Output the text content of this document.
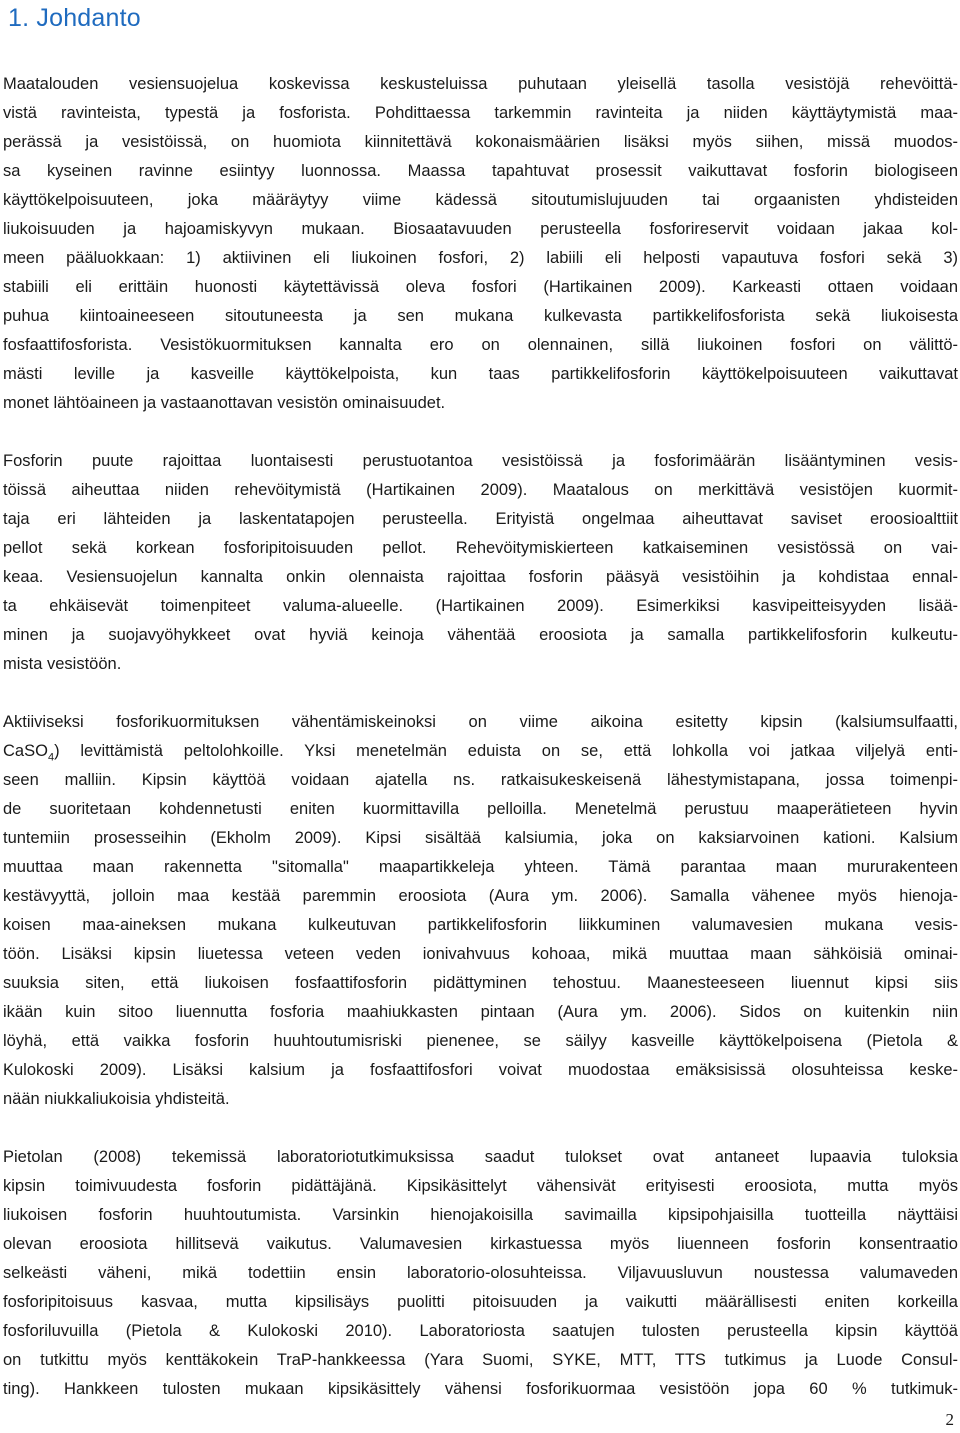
1. Johdanto

Maatalouden vesiensuojelua koskevissa keskusteluissa puhutaan yleisellä tasolla vesistöjä rehevöittä-
vistä ravinteista, typestä ja fosforista. Pohdittaessa tarkemmin ravinteita ja niiden käyttäytymistä maa-
perässä ja vesistöissä, on huomiota kiinnitettävä kokonaismäärien lisäksi myös siihen, missä muodos-
sa kyseinen ravinne esiintyy luonnossa. Maassa tapahtuvat prosessit vaikuttavat fosforin biologiseen
käyttökelpoisuuteen, joka määräytyy viime kädessä sitoutumislujuuden tai orgaanisten yhdisteiden
liukoisuuden ja hajoamiskyvyn mukaan. Biosaatavuuden perusteella fosforireservit voidaan jakaa kol-
meen pääluokkaan: 1) aktiivinen eli liukoinen fosfori, 2) labiili eli helposti vapautuva fosfori sekä 3)
stabiili eli erittäin huonosti käytettävissä oleva fosfori (Hartikainen 2009). Karkeasti ottaen voidaan
puhua kiintoaineeseen sitoutuneesta ja sen mukana kulkevasta partikkelifosforista sekä liukoisesta
fosfaattifosforista. Vesistökuormituksen kannalta ero on olennainen, sillä liukoinen fosfori on välittö-
mästi leville ja kasveille käyttökelpoista, kun taas partikkelifosforin käyttökelpoisuuteen vaikuttavat
monet lähtöaineen ja vastaanottavan vesistön ominaisuudet.

Fosforin puute rajoittaa luontaisesti perustuotantoa vesistöissä ja fosforimäärän lisääntyminen vesis-
töissä aiheuttaa niiden rehevöitymistä (Hartikainen 2009). Maatalous on merkittävä vesistöjen kuormit-
taja eri lähteiden ja laskentatapojen perusteella. Erityistä ongelmaa aiheuttavat saviset eroosioalttiit
pellot sekä korkean fosforipitoisuuden pellot. Rehevöitymiskierteen katkaiseminen vesistössä on vai-
keaa. Vesiensuojelun kannalta onkin olennaista rajoittaa fosforin pääsyä vesistöihin ja kohdistaa ennal-
ta ehkäisevät toimenpiteet valuma-alueelle. (Hartikainen 2009). Esimerkiksi kasvipeitteisyyden lisää-
minen ja suojavyöhykkeet ovat hyviä keinoja vähentää eroosiota ja samalla partikkelifosforin kulkeutu-
mista vesistöön.

Aktiiviseksi fosforikuormituksen vähentämiskeinoksi on viime aikoina esitetty kipsin (kalsiumsulfaatti,
CaSO$_4$) levittämistä peltolohkoille. Yksi menetelmän eduista on se, että lohkolla voi jatkaa viljelyä enti-
seen malliin. Kipsin käyttöä voidaan ajatella ns. ratkaisukeskeisenä lähestymistapana, jossa toimenpi-
de suoritetaan kohdennetusti eniten kuormittavilla pelloilla. Menetelmä perustuu maaperätieteen hyvin
tuntemiin prosesseihin (Ekholm 2009). Kipsi sisältää kalsiumia, joka on kaksiarvoinen kationi. Kalsium
muuttaa maan rakennetta "sitomalla" maapartikkeleja yhteen. Tämä parantaa maan mururakenteen
kestävyyttä, jolloin maa kestää paremmin eroosiota (Aura ym. 2006). Samalla vähenee myös hienoja-
koisen maa-aineksen mukana kulkeutuvan partikkelifosforin liikkuminen valumavesien mukana vesis-
töön. Lisäksi kipsin liuetessa veteen veden ionivahvuus kohoaa, mikä muuttaa maan sähköisiä ominai-
suuksia siten, että liukoisen fosfaattifosforin pidättyminen tehostuu. Maanesteeseen liuennut kipsi siis
ikään kuin sitoo liuennutta fosforia maahiukkasten pintaan (Aura ym. 2006). Sidos on kuitenkin niin
löyhä, että vaikka fosforin huuhtoutumisriski pienenee, se säilyy kasveille käyttökelpoisena (Pietola &
Kulokoski 2009). Lisäksi kalsium ja fosfaattifosfori voivat muodostaa emäksisissä olosuhteissa keske-
nään niukkaliukoisia yhdisteitä.

Pietolan (2008) tekemissä laboratoriotutkimuksissa saadut tulokset ovat antaneet lupaavia tuloksia
kipsin toimivuudesta fosforin pidättäjänä. Kipsikäsittelyt vähensivät erityisesti eroosiota, mutta myös
liukoisen fosforin huuhtoutumista. Varsinkin hienojakoisilla savimailla kipsipohjaisilla tuotteilla näyttäisi
olevan eroosiota hillitsevä vaikutus. Valumavesien kirkastuessa myös liuenneen fosforin konsentraatio
selkeästi väheni, mikä todettiin ensin laboratorio-olosuhteissa. Viljavuusluvun noustessa valumaveden
fosforipitoisuus kasvaa, mutta kipsilisäys puolitti pitoisuuden ja vaikutti määrällisesti eniten korkeilla
fosforiluvuilla (Pietola & Kulokoski 2010). Laboratoriosta saatujen tulosten perusteella kipsin käyttöä
on tutkittu myös kenttäkokein TraP-hankkeessa (Yara Suomi, SYKE, MTT, TTS tutkimus ja Luode Consul-
ting). Hankkeen tulosten mukaan kipsikäsittely vähensi fosforikuormaa vesistöön jopa 60 % tutkimuk-

2
